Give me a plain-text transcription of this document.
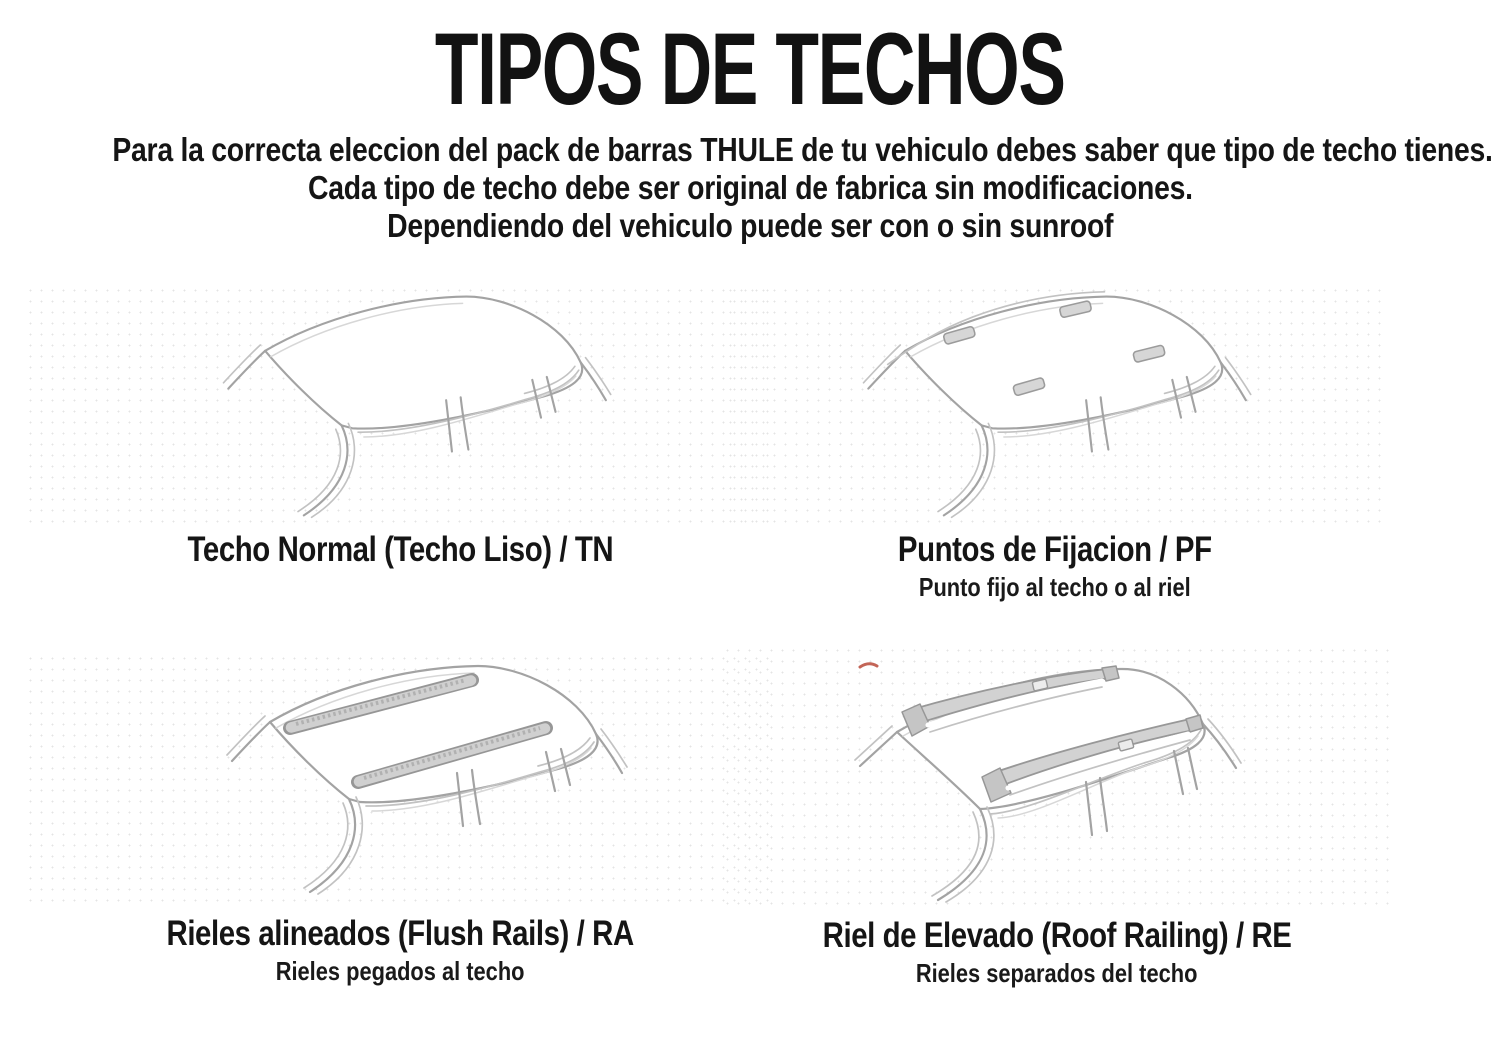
TIPOS DE TECHOS
Para la correcta eleccion del pack de barras THULE de tu vehiculo debes saber que tipo de techo tienes.
Cada tipo de techo debe ser original de fabrica sin modificaciones.
Dependiendo del vehiculo puede ser con o sin sunroof
Techo Normal (Techo Liso) / TN	Puntos de Fijacion / PF
Punto fijo al techo o al riel
Rieles alineados (Flush Rails) / RA
Rieles pegados al techo
Riel de Elevado (Roof Railing) / RE
Rieles separados del techo
